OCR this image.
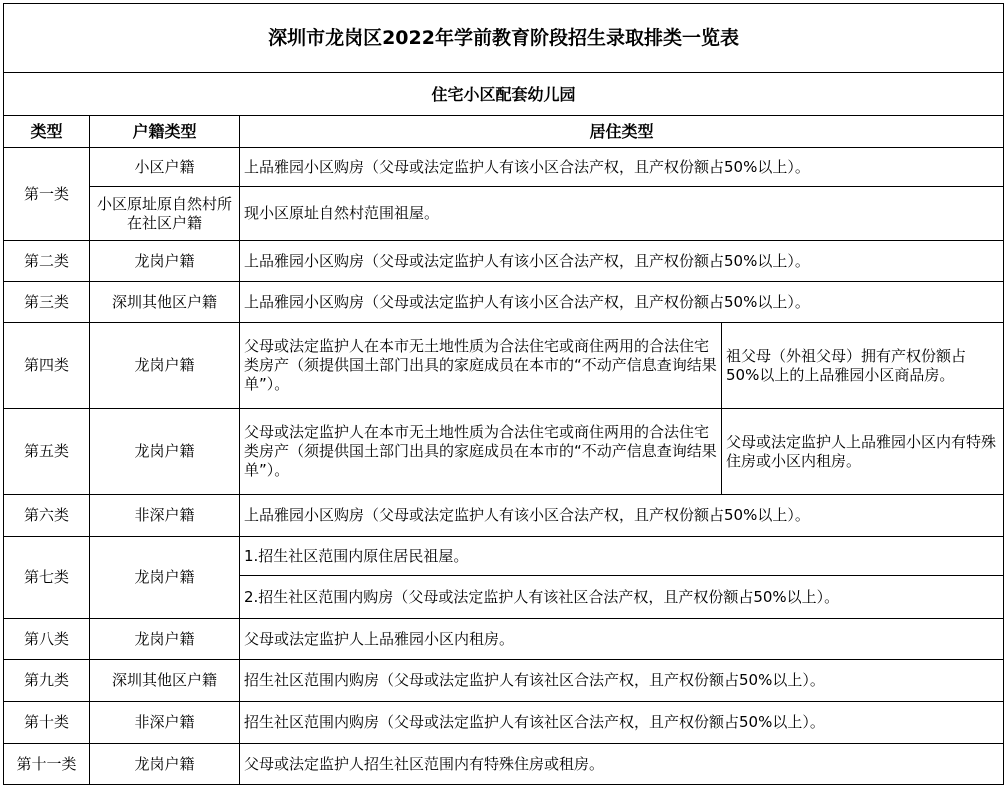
深圳市龙岗区2022年学前教育阶段招生录取排类一览表			
住宅小区配套幼儿园			
类型	户籍类型	居住类型	
第一类	小区户籍	上品雅园小区购房（父母或法定监护人有该小区合法产权，且产权份额占50%以上）。	
	小区原址原自然村所在社区户籍	现小区原址自然村范围祖屋。	
第二类	龙岗户籍	上品雅园小区购房（父母或法定监护人有该小区合法产权，且产权份额占50%以上）。	
第三类	深圳其他区户籍	上品雅园小区购房（父母或法定监护人有该小区合法产权，且产权份额占50%以上）。	
第四类	龙岗户籍	父母或法定监护人在本市无土地性质为合法住宅或商住两用的合法住宅类房产（须提供国土部门出具的家庭成员在本市的“不动产信息查询结果单”）。	祖父母（外祖父母）拥有产权份额占50%以上的上品雅园小区商品房。
第五类	龙岗户籍	父母或法定监护人在本市无土地性质为合法住宅或商住两用的合法住宅类房产（须提供国土部门出具的家庭成员在本市的“不动产信息查询结果单”）。	父母或法定监护人上品雅园小区内有特殊住房或小区内租房。
第六类	非深户籍	上品雅园小区购房（父母或法定监护人有该小区合法产权，且产权份额占50%以上）。	
第七类	龙岗户籍	1.招生社区范围内原住居民祖屋。	
		2.招生社区范围内购房（父母或法定监护人有该社区合法产权，且产权份额占50%以上）。	
第八类	龙岗户籍	父母或法定监护人上品雅园小区内租房。	
第九类	深圳其他区户籍	招生社区范围内购房（父母或法定监护人有该社区合法产权，且产权份额占50%以上）。	
第十类	非深户籍	招生社区范围内购房（父母或法定监护人有该社区合法产权，且产权份额占50%以上）。	
第十一类	龙岗户籍	父母或法定监护人招生社区范围内有特殊住房或租房。	
